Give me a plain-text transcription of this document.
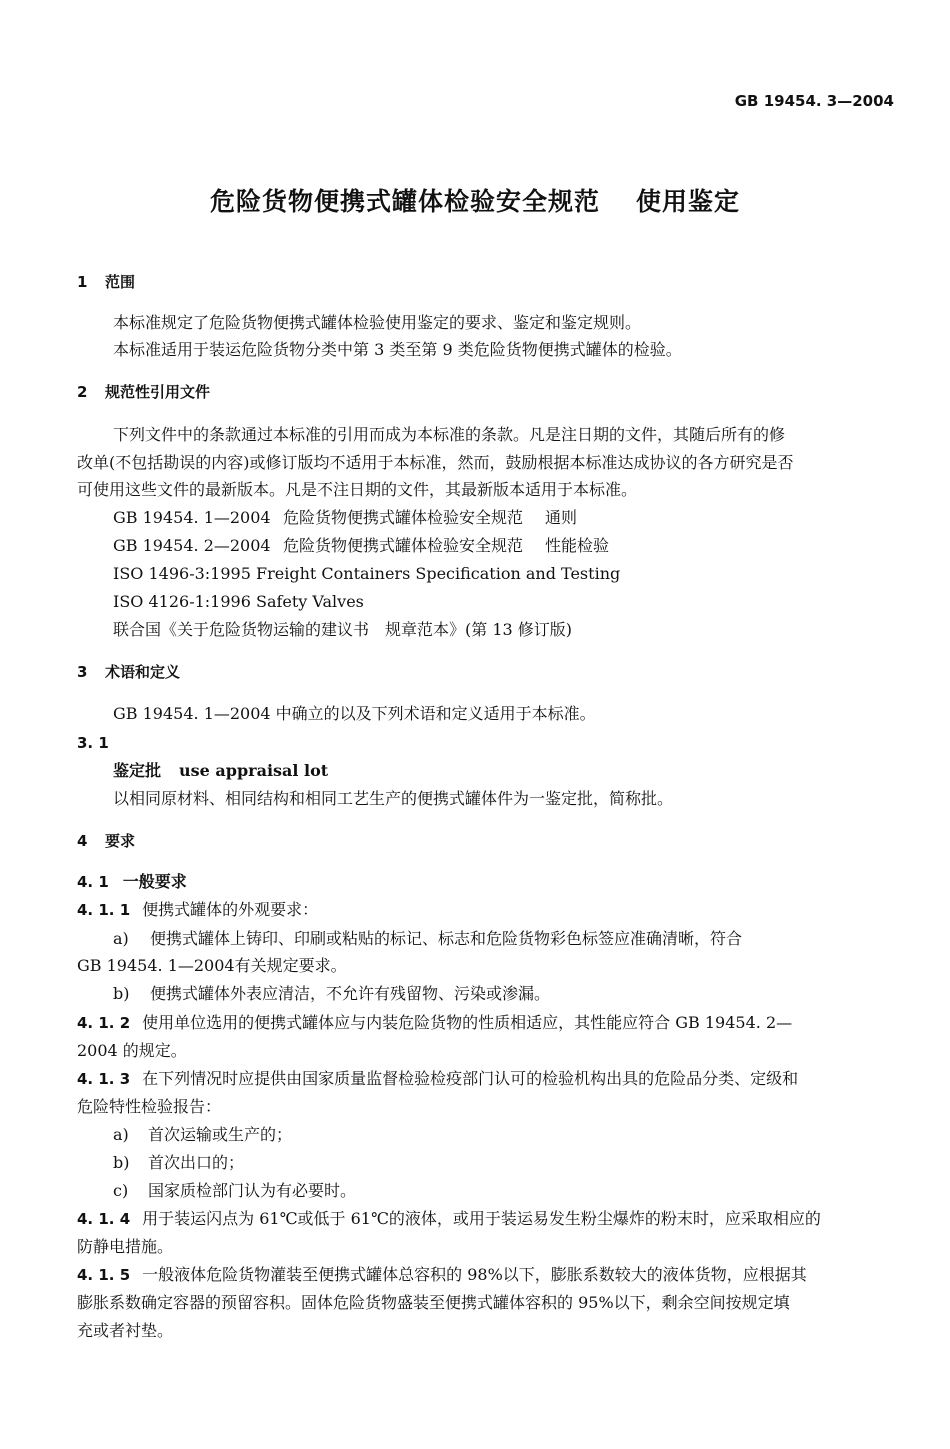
GB 19454. 3—2004
危险货物便携式罐体检验安全规范 使用鉴定
1 范围
本标准规定了危险货物便携式罐体检验使用鉴定的要求、鉴定和鉴定规则。
本标准适用于装运危险货物分类中第 3 类至第 9 类危险货物便携式罐体的检验。
2 规范性引用文件
下列文件中的条款通过本标准的引用而成为本标准的条款。凡是注日期的文件，其随后所有的修
改单(不包括勘误的内容)或修订版均不适用于本标准，然而，鼓励根据本标准达成协议的各方研究是否
可使用这些文件的最新版本。凡是不注日期的文件，其最新版本适用于本标准。
GB 19454. 1—2004 危险货物便携式罐体检验安全规范 通则
GB 19454. 2—2004 危险货物便携式罐体检验安全规范 性能检验
ISO 1496-3:1995 Freight Containers Specification and Testing
ISO 4126-1:1996 Safety Valves
联合国《关于危险货物运输的建议书　规章范本》(第 13 修订版)
3 术语和定义
GB 19454. 1—2004 中确立的以及下列术语和定义适用于本标准。
3. 1
鉴定批 use appraisal lot
以相同原材料、相同结构和相同工艺生产的便携式罐体件为一鉴定批，简称批。
4 要求
4. 1 一般要求
4. 1. 1 便携式罐体的外观要求：
a) 便携式罐体上铸印、印刷或粘贴的标记、标志和危险货物彩色标签应准确清晰，符合
GB 19454. 1—2004有关规定要求。
b) 便携式罐体外表应清洁，不允许有残留物、污染或渗漏。
4. 1. 2 使用单位选用的便携式罐体应与内装危险货物的性质相适应，其性能应符合 GB 19454. 2—
2004 的规定。
4. 1. 3 在下列情况时应提供由国家质量监督检验检疫部门认可的检验机构出具的危险品分类、定级和
危险特性检验报告：
a) 首次运输或生产的；
b) 首次出口的；
c) 国家质检部门认为有必要时。
4. 1. 4 用于装运闪点为 61℃或低于 61℃的液体，或用于装运易发生粉尘爆炸的粉末时，应采取相应的
防静电措施。
4. 1. 5 一般液体危险货物灌装至便携式罐体总容积的 98%以下，膨胀系数较大的液体货物，应根据其
膨胀系数确定容器的预留容积。固体危险货物盛装至便携式罐体容积的 95%以下，剩余空间按规定填
充或者衬垫。
